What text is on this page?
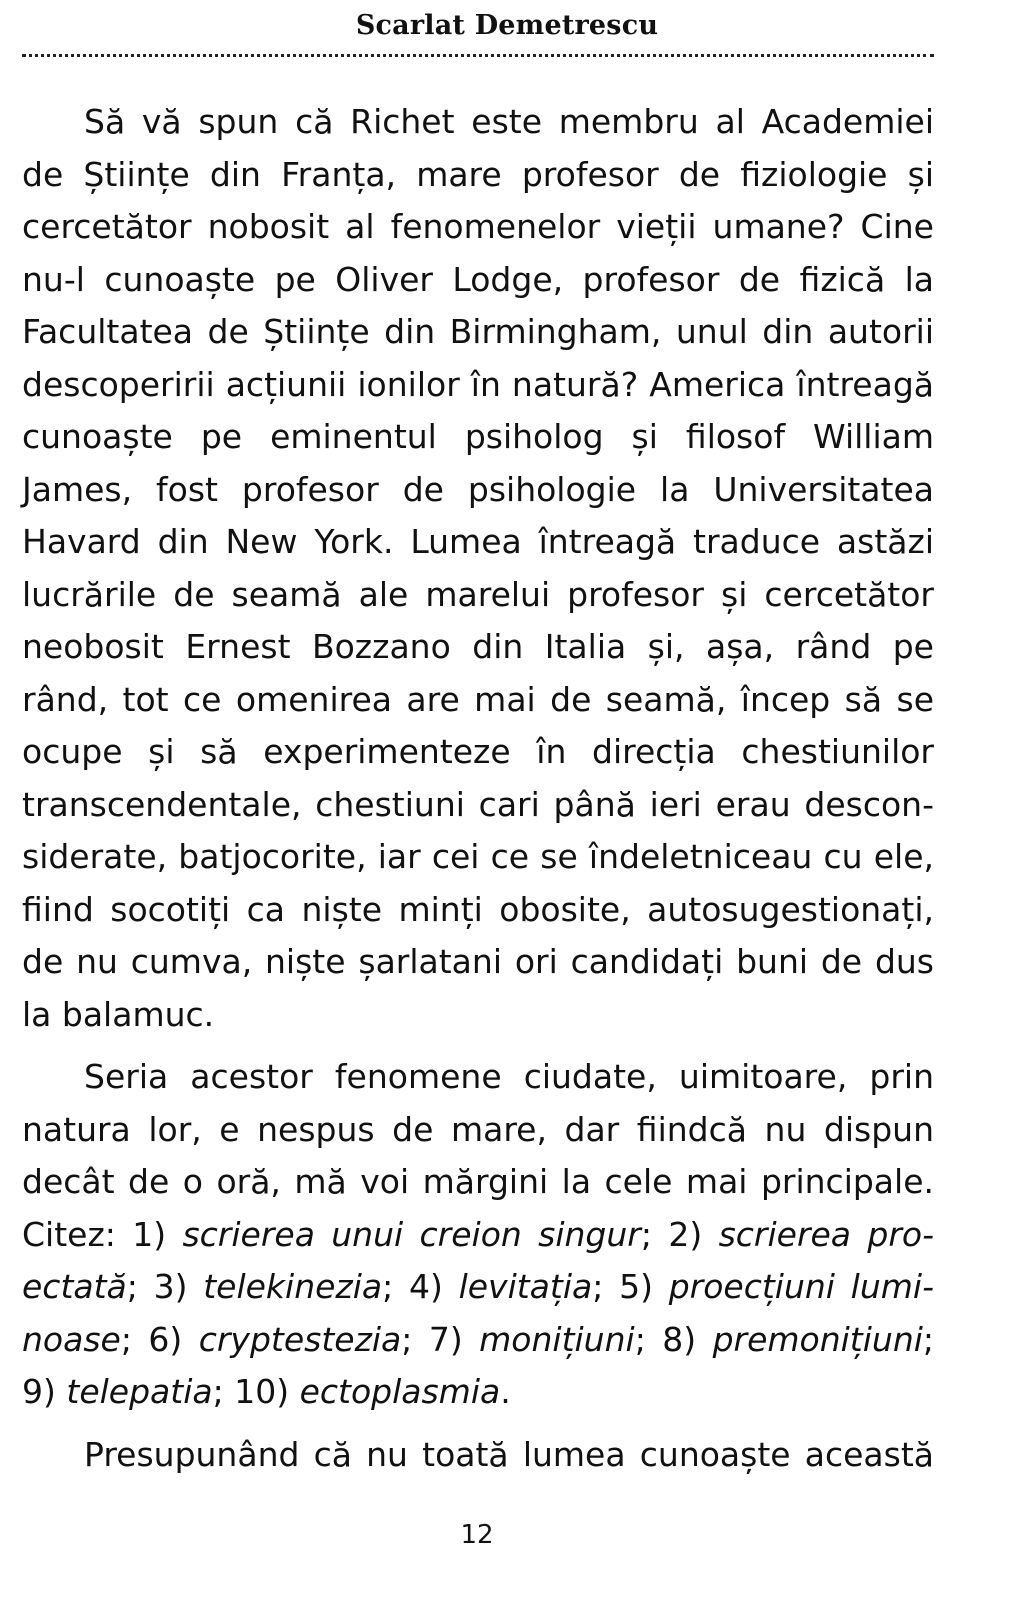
Scarlat Demetrescu

Să vă spun că Richet este membru al Academiei de Științe din Franța, mare profesor de fiziologie și cercetător nobosit al fenomenelor vieții umane? Cine nu-l cunoaște pe Oliver Lodge, profesor de fizică la Facultatea de Științe din Birmingham, unul din autorii descoperirii acțiunii ionilor în natură? America întreagă cunoaște pe eminentul psiholog și filosof William James, fost profesor de psihologie la Universitatea Havard din New York. Lumea întreagă traduce astăzi lucrările de seamă ale marelui profesor și cercetător neobosit Ernest Bozzano din Italia și, așa, rând pe rând, tot ce omenirea are mai de seamă, încep să se ocupe și să experimenteze în direcția chestiunilor transcendentale, chestiuni cari până ieri erau desconsiderate, batjocorite, iar cei ce se îndeletniceau cu ele, fiind socotiți ca niște minți obosite, autosugestionați, de nu cumva, niște șarlatani ori candidați buni de dus la balamuc.

Seria acestor fenomene ciudate, uimitoare, prin natura lor, e nespus de mare, dar fiindcă nu dispun decât de o oră, mă voi mărgini la cele mai principale. Citez: 1) scrierea unui creion singur; 2) scrierea proectată; 3) telekinezia; 4) levitația; 5) proecțiuni luminoase; 6) cryptestezia; 7) monițiuni; 8) premonițiuni; 9) telepatia; 10) ectoplasmia.

Presupunând că nu toată lumea cunoaște această

12
